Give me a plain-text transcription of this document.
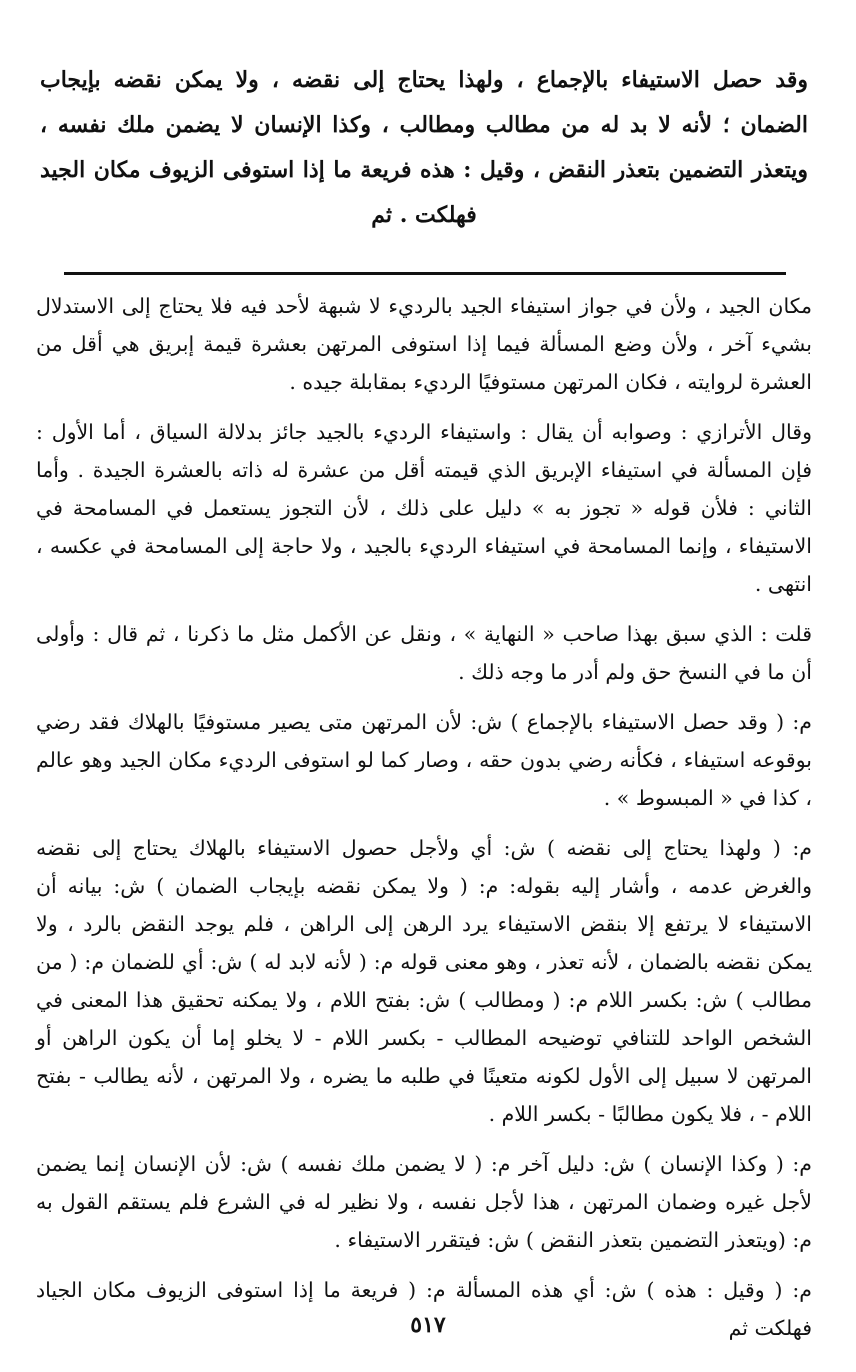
وقد حصل الاستيفاء بالإجماع ، ولهذا يحتاج إلى نقضه ، ولا يمكن نقضه بإيجاب الضمان ؛ لأنه لا بد له من مطالب ومطالب ، وكذا الإنسان لا يضمن ملك نفسه ، ويتعذر التضمين بتعذر النقض ، وقيل : هذه فريعة ما إذا استوفى الزيوف مكان الجيد فهلكت . ثم

مكان الجيد ، ولأن في جواز استيفاء الجيد بالرديء لا شبهة لأحد فيه فلا يحتاج إلى الاستدلال بشيء آخر ، ولأن وضع المسألة فيما إذا استوفى المرتهن بعشرة قيمة إبريق هي أقل من العشرة لروايته ، فكان المرتهن مستوفيًا الرديء بمقابلة جيده .

وقال الأترازي : وصوابه أن يقال : واستيفاء الرديء بالجيد جائز بدلالة السياق ، أما الأول : فإن المسألة في استيفاء الإبريق الذي قيمته أقل من عشرة له ذاته بالعشرة الجيدة . وأما الثاني : فلأن قوله « تجوز به » دليل على ذلك ، لأن التجوز يستعمل في المسامحة في الاستيفاء ، وإنما المسامحة في استيفاء الرديء بالجيد ، ولا حاجة إلى المسامحة في عكسه ، انتهى .

قلت : الذي سبق بهذا صاحب « النهاية » ، ونقل عن الأكمل مثل ما ذكرنا ، ثم قال : وأولى أن ما في النسخ حق ولم أدر ما وجه ذلك .

م: ( وقد حصل الاستيفاء بالإجماع ) ش: لأن المرتهن متى يصير مستوفيًا بالهلاك فقد رضي بوقوعه استيفاء ، فكأنه رضي بدون حقه ، وصار كما لو استوفى الرديء مكان الجيد وهو عالم ، كذا في « المبسوط » .

م: ( ولهذا يحتاج إلى نقضه ) ش: أي ولأجل حصول الاستيفاء بالهلاك يحتاج إلى نقضه والغرض عدمه ، وأشار إليه بقوله: م: ( ولا يمكن نقضه بإيجاب الضمان ) ش: بيانه أن الاستيفاء لا يرتفع إلا بنقض الاستيفاء يرد الرهن إلى الراهن ، فلم يوجد النقض بالرد ، ولا يمكن نقضه بالضمان ، لأنه تعذر ، وهو معنى قوله م: ( لأنه لابد له ) ش: أي للضمان م: ( من مطالب ) ش: بكسر اللام م: ( ومطالب ) ش: بفتح اللام ، ولا يمكنه تحقيق هذا المعنى في الشخص الواحد للتنافي توضيحه المطالب - بكسر اللام - لا يخلو إما أن يكون الراهن أو المرتهن لا سبيل إلى الأول لكونه متعينًا في طلبه ما يضره ، ولا المرتهن ، لأنه يطالب - بفتح اللام - ، فلا يكون مطالبًا - بكسر اللام .

م: ( وكذا الإنسان ) ش: دليل آخر م: ( لا يضمن ملك نفسه ) ش: لأن الإنسان إنما يضمن لأجل غيره وضمان المرتهن ، هذا لأجل نفسه ، ولا نظير له في الشرع فلم يستقم القول به م: (ويتعذر التضمين بتعذر النقض ) ش: فيتقرر الاستيفاء .

م: ( وقيل : هذه ) ش: أي هذه المسألة م: ( فريعة ما إذا استوفى الزيوف مكان الجياد فهلكت ثم

٥١٧
